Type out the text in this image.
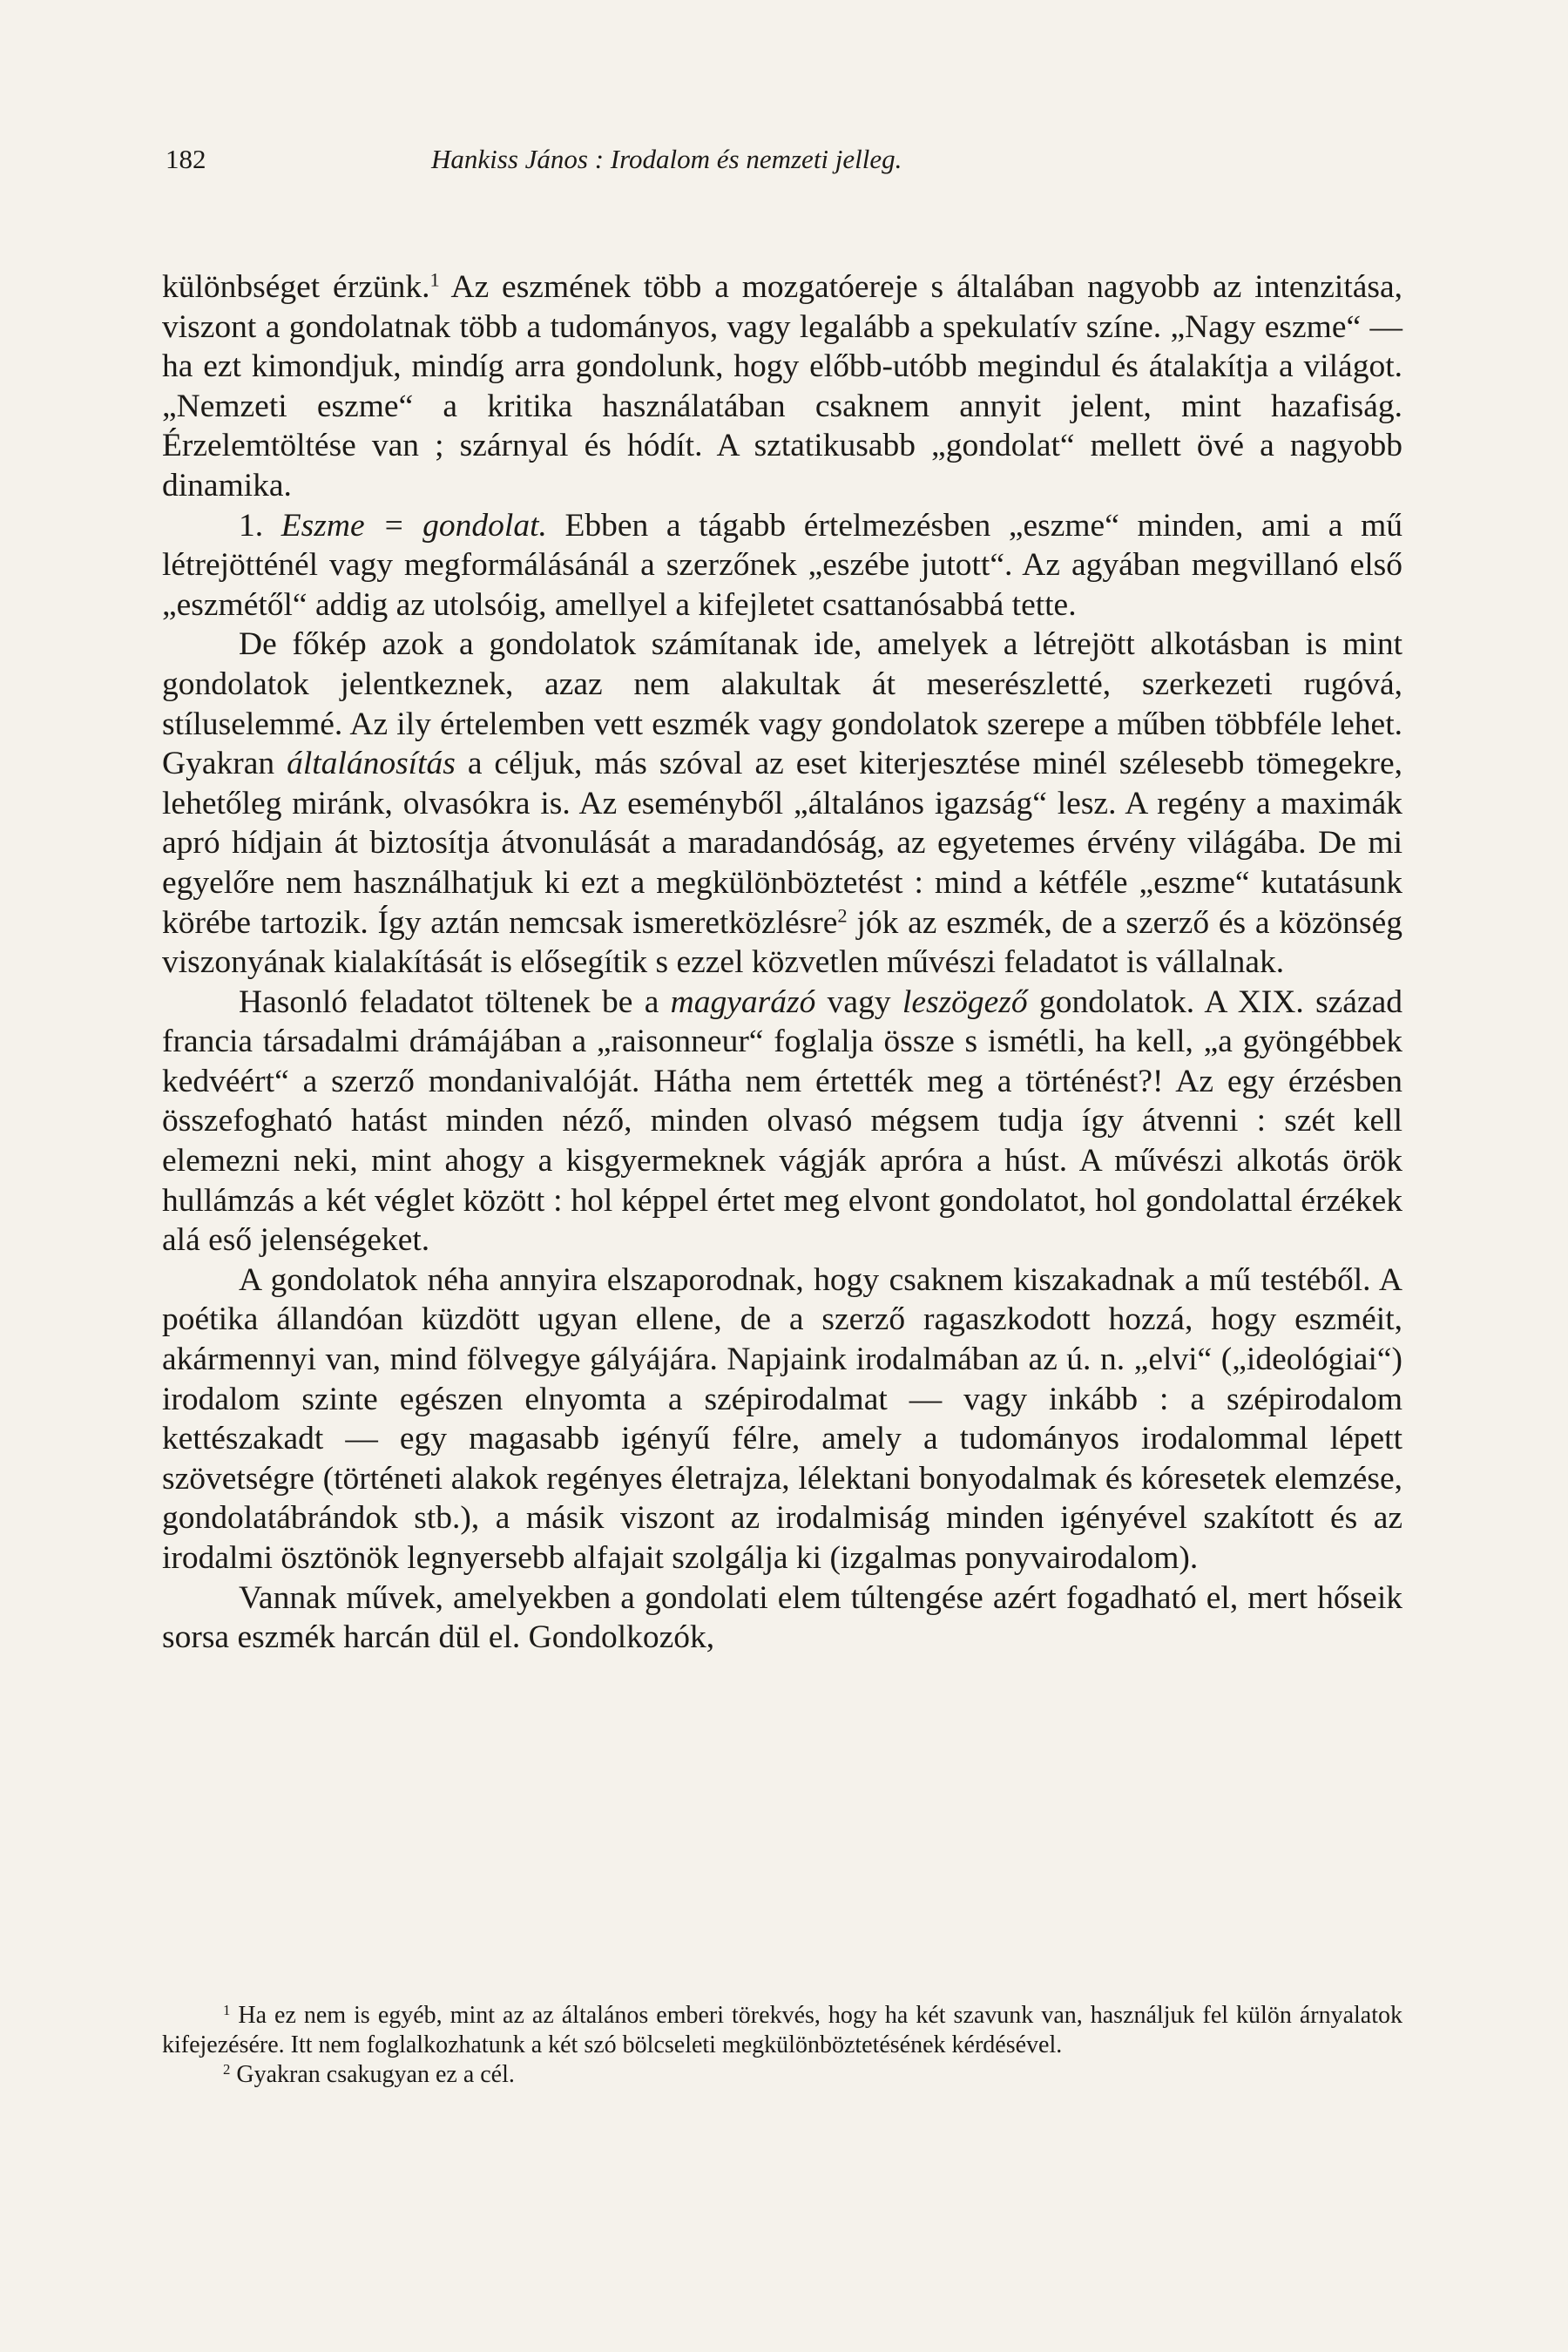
182	Hankiss János : Irodalom és nemzeti jelleg.

különbséget érzünk.$^1$ Az eszmének több a mozgatóereje s általában nagyobb az intenzitása, viszont a gondolatnak több a tudományos, vagy legalább a spekulatív színe. „Nagy eszme“ — ha ezt kimondjuk, mindíg arra gondolunk, hogy előbb-utóbb megindul és átalakítja a világot. „Nemzeti eszme“ a kritika használatában csaknem annyit jelent, mint hazafiság. Érzelemtöltése van ; szárnyal és hódít. A sztatikusabb „gondolat“ mellett övé a nagyobb dinamika.

1. Eszme = gondolat. Ebben a tágabb értelmezésben „eszme“ minden, ami a mű létrejötténél vagy megformálásánál a szerzőnek „eszébe jutott“. Az agyában megvillanó első „eszmétől“ addig az utolsóig, amellyel a kifejletet csattanósabbá tette.

De főkép azok a gondolatok számítanak ide, amelyek a létrejött alkotásban is mint gondolatok jelentkeznek, azaz nem alakultak át meserészletté, szerkezeti rugóvá, stíluselemmé. Az ily értelemben vett eszmék vagy gondolatok szerepe a műben többféle lehet. Gyakran általánosítás a céljuk, más szóval az eset kiterjesztése minél szélesebb tömegekre, lehetőleg miránk, olvasókra is. Az eseményből „általános igazság“ lesz. A regény a maximák apró hídjain át biztosítja átvonulását a maradandóság, az egyetemes érvény világába. De mi egyelőre nem használhatjuk ki ezt a megkülönböztetést : mind a kétféle „eszme“ kutatásunk körébe tartozik. Így aztán nemcsak ismeretközlésre$^2$ jók az eszmék, de a szerző és a közönség viszonyának kialakítását is elősegítik s ezzel közvetlen művészi feladatot is vállalnak.

Hasonló feladatot töltenek be a magyarázó vagy leszögező gondolatok. A XIX. század francia társadalmi drámájában a „raisonneur“ foglalja össze s ismétli, ha kell, „a gyöngébbek kedvéért“ a szerző mondanivalóját. Hátha nem értették meg a történést?! Az egy érzésben összefogható hatást minden néző, minden olvasó mégsem tudja így átvenni : szét kell elemezni neki, mint ahogy a kisgyermeknek vágják apróra a húst. A művészi alkotás örök hullámzás a két véglet között : hol képpel értet meg elvont gondolatot, hol gondolattal érzékek alá eső jelenségeket.

A gondolatok néha annyira elszaporodnak, hogy csaknem kiszakadnak a mű testéből. A poétika állandóan küzdött ugyan ellene, de a szerző ragaszkodott hozzá, hogy eszméit, akármennyi van, mind fölvegye gályájára. Napjaink irodalmában az ú. n. „elvi“ („ideológiai“) irodalom szinte egészen elnyomta a szépirodalmat — vagy inkább : a szépirodalom kettészakadt — egy magasabb igényű félre, amely a tudományos irodalommal lépett szövetségre (történeti alakok regényes életrajza, lélektani bonyodalmak és kóresetek elemzése, gondolatábrándok stb.), a másik viszont az irodalmiság minden igényével szakított és az irodalmi ösztönök legnyersebb alfajait szolgálja ki (izgalmas ponyvairodalom).

Vannak művek, amelyekben a gondolati elem túltengése azért fogadható el, mert hőseik sorsa eszmék harcán dül el. Gondolkozók,

$^1$ Ha ez nem is egyéb, mint az az általános emberi törekvés, hogy ha két szavunk van, használjuk fel külön árnyalatok kifejezésére. Itt nem foglalkozhatunk a két szó bölcseleti megkülönböztetésének kérdésével.

$^2$ Gyakran csakugyan ez a cél.
